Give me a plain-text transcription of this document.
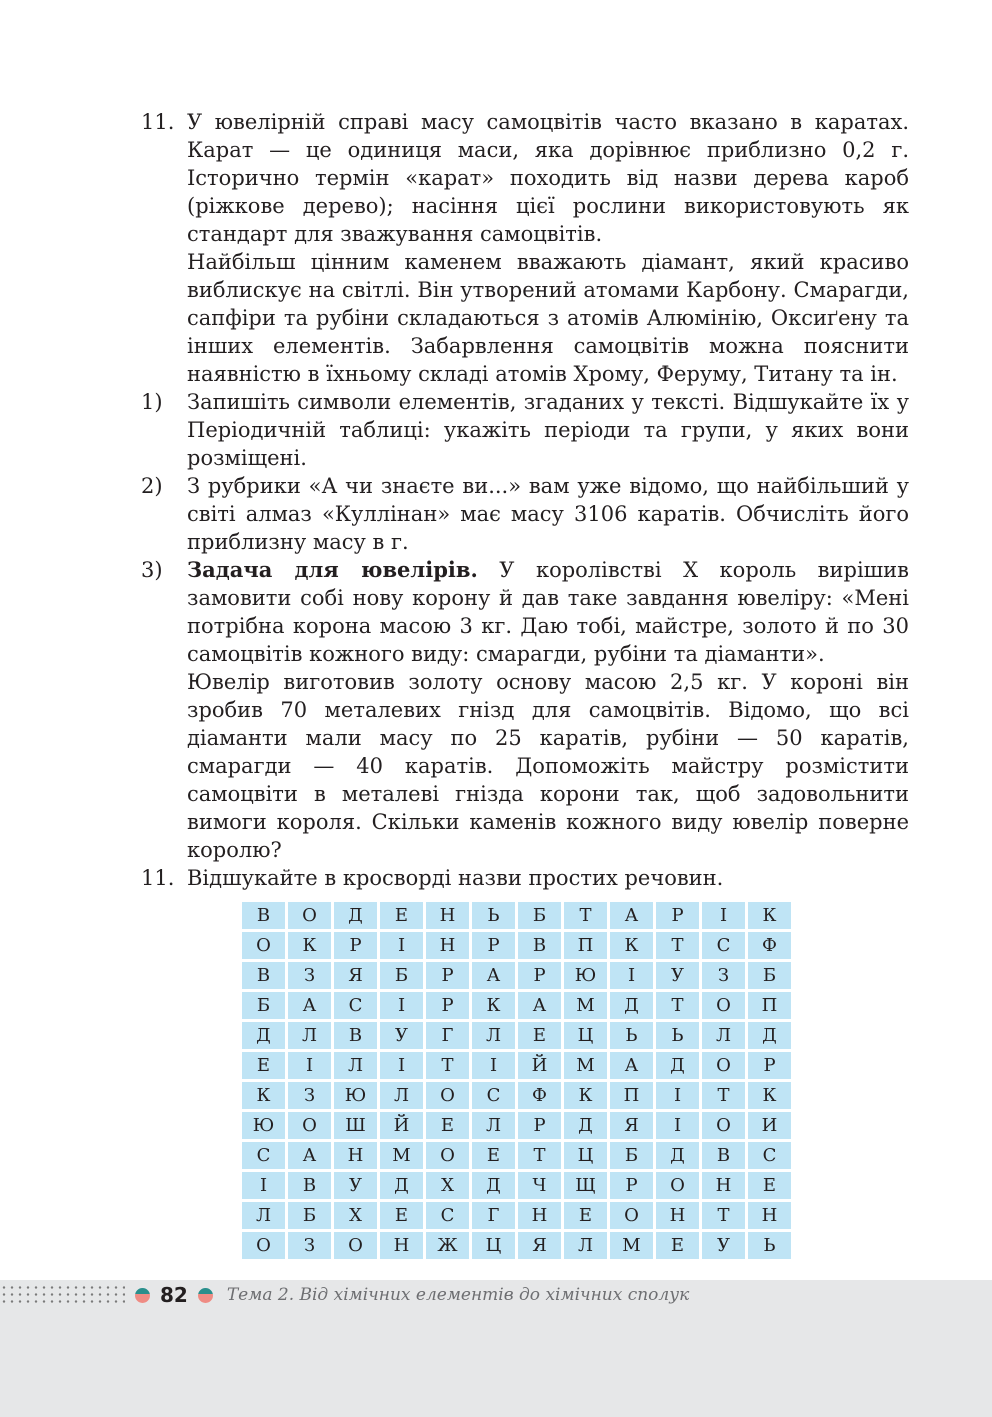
11. У ювелірній справі масу самоцвітів часто вказано в каратах. Карат — це одиниця маси, яка дорівнює приблизно 0,2 г. Історично термін «карат» походить від назви дерева кароб (ріжкове дерево); насіння цієї рослини використовують як стандарт для зважування самоцвітів.

Найбільш цінним каменем вважають діамант, який красиво виблискує на світлі. Він утворений атомами Карбону. Смарагди, сапфіри та рубіни складаються з атомів Алюмінію, Оксиґену та інших елементів. Забарвлення самоцвітів можна пояснити наявністю в їхньому складі атомів Хрому, Феруму, Титану та ін.

1) Запишіть символи елементів, згаданих у тексті. Відшукайте їх у Періодичній таблиці: укажіть періоди та групи, у яких вони розміщені.

2) З рубрики «А чи знаєте ви...» вам уже відомо, що найбільший у світі алмаз «Куллінан» має масу 3106 каратів. Обчисліть його приблизну масу в г.

3) Задача для ювелірів. У королівстві Х король вирішив замовити собі нову корону й дав таке завдання ювеліру: «Мені потрібна корона масою 3 кг. Даю тобі, майстре, золото й по 30 самоцвітів кожного виду: смарагди, рубіни та діаманти».

Ювелір виготовив золоту основу масою 2,5 кг. У короні він зробив 70 металевих гнізд для самоцвітів. Відомо, що всі діаманти мали масу по 25 каратів, рубіни — 50 каратів, смарагди — 40 каратів. Допоможіть майстру розмістити самоцвіти в металеві гнізда корони так, щоб задовольнити вимоги короля. Скільки каменів кожного виду ювелір поверне королю?

11. Відшукайте в кросворді назви простих речовин.

В	О	Д	Е	Н	Ь	Б	Т	А	Р	І	К
О	К	Р	І	Н	Р	В	П	К	Т	С	Ф
В	З	Я	Б	Р	А	Р	Ю	І	У	З	Б
Б	А	С	І	Р	К	А	М	Д	Т	О	П
Д	Л	В	У	Г	Л	Е	Ц	Ь	Ь	Л	Д
Е	І	Л	І	Т	І	Й	М	А	Д	О	Р
К	З	Ю	Л	О	С	Ф	К	П	І	Т	К
Ю	О	Ш	Й	Е	Л	Р	Д	Я	І	О	И
С	А	Н	М	О	Е	Т	Ц	Б	Д	В	С
І	В	У	Д	Х	Д	Ч	Щ	Р	О	Н	Е
Л	Б	Х	Е	С	Г	Н	Е	О	Н	Т	Н
О	З	О	Н	Ж	Ц	Я	Л	М	Е	У	Ь
82 Тема 2. Від хімічних елементів до хімічних сполук
